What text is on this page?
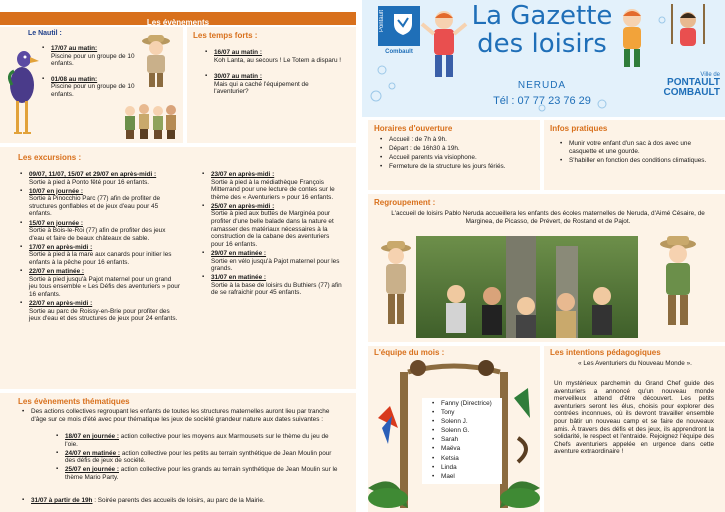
Les évènements
Le Nautil :
▪ 17/07 au matin:
Piscine pour un groupe de 10 enfants.
▪ 01/08 au matin:
Piscine pour un groupe de 10 enfants.
Les temps forts :
▪ 16/07 au matin :
Koh Lanta, au secours ! Le Totem a disparu !
▪ 30/07 au matin :
Mais qui a caché l'équipement de l'aventurier?
Les excursions :
▪ 09/07, 11/07, 15/07 et 29/07 en après-midi :
Sortie à pied à Ponto fêté pour 16 enfants.
▪ 10/07 en journée :
Sortie à Pinocchio Parc (77) afin de profiter de structures gonflables et de jeux d'eau pour 45 enfants.
▪ 15/07 en journée :
Sortie à Bois-le-Roi (77) afin de profiter des jeux d'eau et faire de beaux châteaux de sable.
▪ 17/07 en après-midi :
Sortie à pied à la mare aux canards pour initier les enfants à la pêche pour 16 enfants.
▪ 22/07 en matinée :
Sortie à pied jusqu'à Pajot maternel pour un grand jeu tous ensemble « Les Défis des aventuriers » pour 16 enfants.
▪ 22/07 en après-midi :
Sortie au parc de Roissy-en-Brie pour profiter des jeux d'eau et des structures de jeux pour 24 enfants.
▪ 23/07 en après-midi :
Sortie à pied à la médiathèque François Mitterrand pour une lecture de contes sur le thème des « Aventuriers » pour 16 enfants.
▪ 25/07 en après-midi :
Sortie à pied aux buttes de Marginéa pour profiter d'une belle balade dans la nature et ramasser des matériaux nécessaires à la construction de la cabane des aventuriers pour 16 enfants.
▪ 29/07 en matinée :
Sortie en vélo jusqu'à Pajot maternel pour les grands.
▪ 31/07 en matinée :
Sortie à la base de loisirs du Buthiers (77) afin de se rafraichir pour 45 enfants.
Les évènements thématiques
• Des actions collectives regroupant les enfants de toutes les structures maternelles auront lieu par tranche d'âge sur ce mois d'été avec pour thématique les jeux de société grandeur nature aux dates suivantes :
▪ 18/07 en journée : action collective pour les moyens aux Marmousets sur le thème du jeu de l'oie.
▪ 24/07 en matinée : action collective pour les petits au terrain synthétique de Jean Moulin pour des défis de jeux de société.
▪ 25/07 en journée : action collective pour les grands au terrain synthétique de Jean Moulin sur le thème Mario Party.
▪ 31/07 à partir de 19h : Soirée parents des accueils de loisirs, au parc de la Mairie.
Pontault
Combault
La Gazette
des loisirs
NERUDA
Tél : 07 77 23 76 29
Ville de
PONTAULT
COMBAULT
Horaires d'ouverture
• Accueil : de 7h à 9h.
• Départ : de 16h30 à 19h.
• Accueil parents via visiophone.
• Fermeture de la structure les jours fériés.
Infos pratiques
• Munir votre enfant d'un sac à dos avec une casquette et une gourde.
• S'habiller en fonction des conditions climatiques.
Regroupement :
L'accueil de loisirs Pablo Neruda accueillera les enfants des écoles maternelles de Neruda, d'Aimé Césaire, de Marginea, de Picasso, de Prévert, de Rostand et de Pajot.
L'équipe du mois :
• Fanny (Directrice)
• Tony
• Solenn J.
• Solenn G.
• Sarah
• Maëva
• Ketsia
• Linda
• Mael
Les intentions pédagogiques
« Les Aventuriers du Nouveau Monde ».
Un mystérieux parchemin du Grand Chef guide des aventuriers a annoncé qu'un nouveau monde merveilleux attend d'être découvert. Les petits aventuriers seront les élus, choisis pour explorer des contrées inconnues, où ils devront travailler ensemble pour bâtir un nouveau camp et se faire de nouveaux amis. À travers des défis et des jeux, ils apprendront la solidarité, le respect et l'entraide. Rejoignez l'équipe des Chefs aventuriers appelée en urgence dans cette aventure extraordinaire !
